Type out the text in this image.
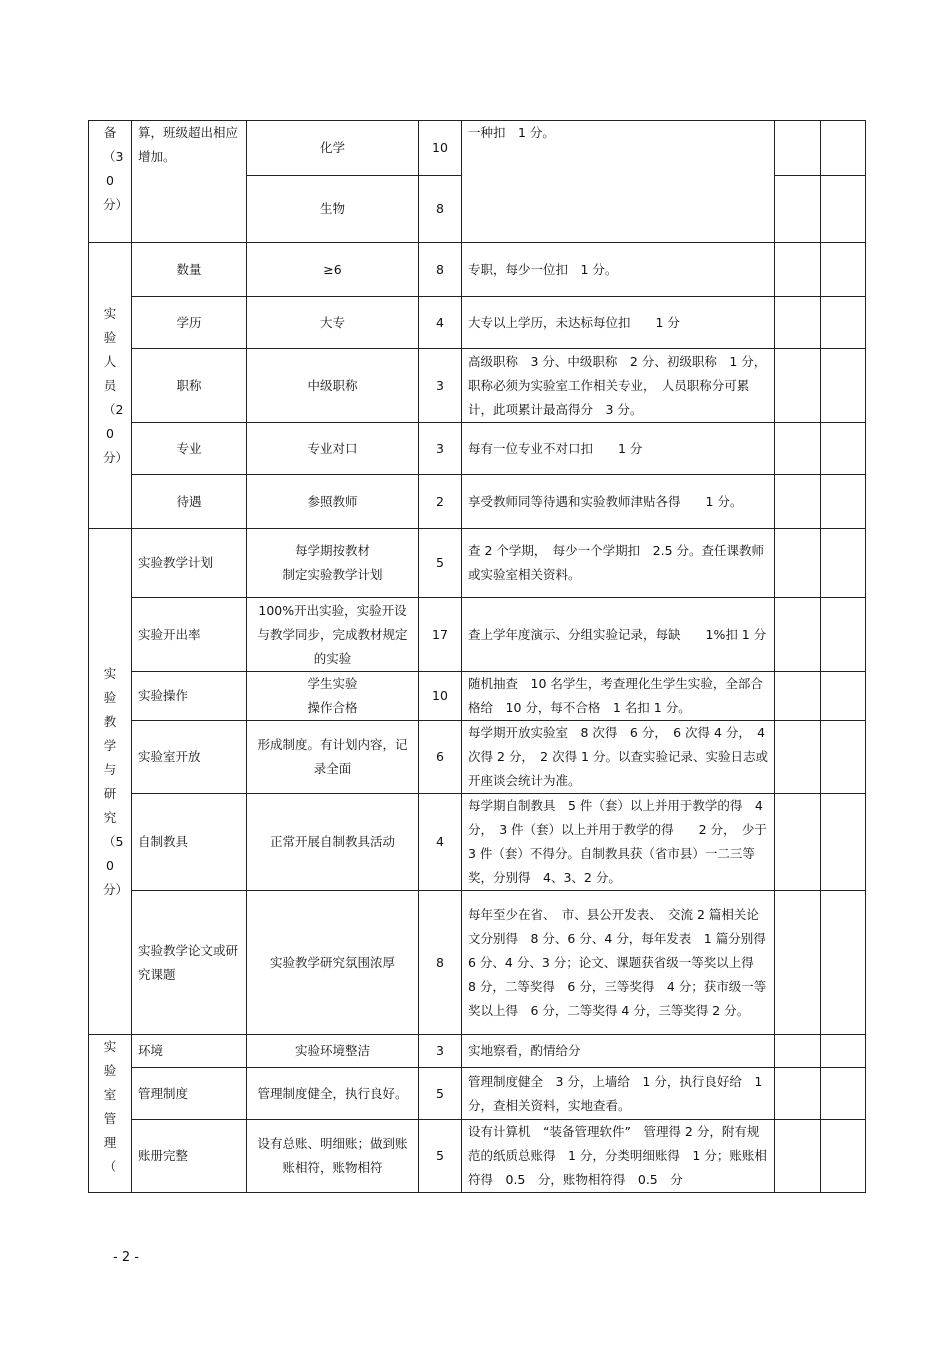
备（30分）	算，班级超出相应增加。	化学	10	一种扣　1 分。		
		生物	8			
实验人员（20分）	数量	≥6	8	专职，每少一位扣　1 分。		
	学历	大专	4	大专以上学历，未达标每位扣　　1 分		
	职称	中级职称	3	高级职称　3 分、中级职称　2 分、初级职称　1 分，职称必须为实验室工作相关专业，　人员职称分可累计，此项累计最高得分　3 分。		
	专业	专业对口	3	每有一位专业不对口扣　　1 分		
	待遇	参照教师	2	享受教师同等待遇和实验教师津贴各得　　1 分。		
实验教学与研究（50分）	实验教学计划	每学期按教材
制定实验教学计划	5	查 2 个学期，　每少一个学期扣　2.5 分。查任课教师或实验室相关资料。		
	实验开出率	100%开出实验，实验开设与教学同步，完成教材规定的实验	17	查上学年度演示、分组实验记录，每缺　　1%扣 1 分		
	实验操作	学生实验
操作合格	10	随机抽查　10 名学生，考查理化生学生实验，全部合格给　10 分，每不合格　1 名扣 1 分。		
	实验室开放	形成制度。有计划内容，记录全面	6	每学期开放实验室　8 次得　6 分，　6 次得 4 分，　4 次得 2 分，　2 次得 1 分。以查实验记录、实验日志或开座谈会统计为准。		
	自制教具	正常开展自制教具活动	4	每学期自制教具　5 件（套）以上并用于教学的得　4 分，　3 件（套）以上并用于教学的得　　2 分，　少于 3 件（套）不得分。自制教具获（省市县）一二三等奖，分别得　4、3、2 分。		
	实验教学论文或研究课题	实验教学研究氛围浓厚	8	每年至少在省、　市、县公开发表、　交流 2 篇相关论文分别得　8 分、6 分、4 分，每年发表　1 篇分别得 6 分、4 分、3 分；论文、课题获省级一等奖以上得　8 分，二等奖得　6 分，三等奖得　4 分；获市级一等奖以上得　6 分，二等奖得 4 分，三等奖得 2 分。		
实验室管理（	环境	实验环境整洁	3	实地察看，酌情给分		
	管理制度	管理制度健全，执行良好。	5	管理制度健全　3 分，上墙给　1 分，执行良好给　1 分，查相关资料，实地查看。		
	账册完整	设有总账、明细账；做到账账相符，账物相符	5	设有计算机　“装备管理软件”　管理得 2 分，附有规范的纸质总账得　1 分，分类明细账得　1 分；账账相符得　0.5　分，账物相符得　0.5　分		
- 2 -
